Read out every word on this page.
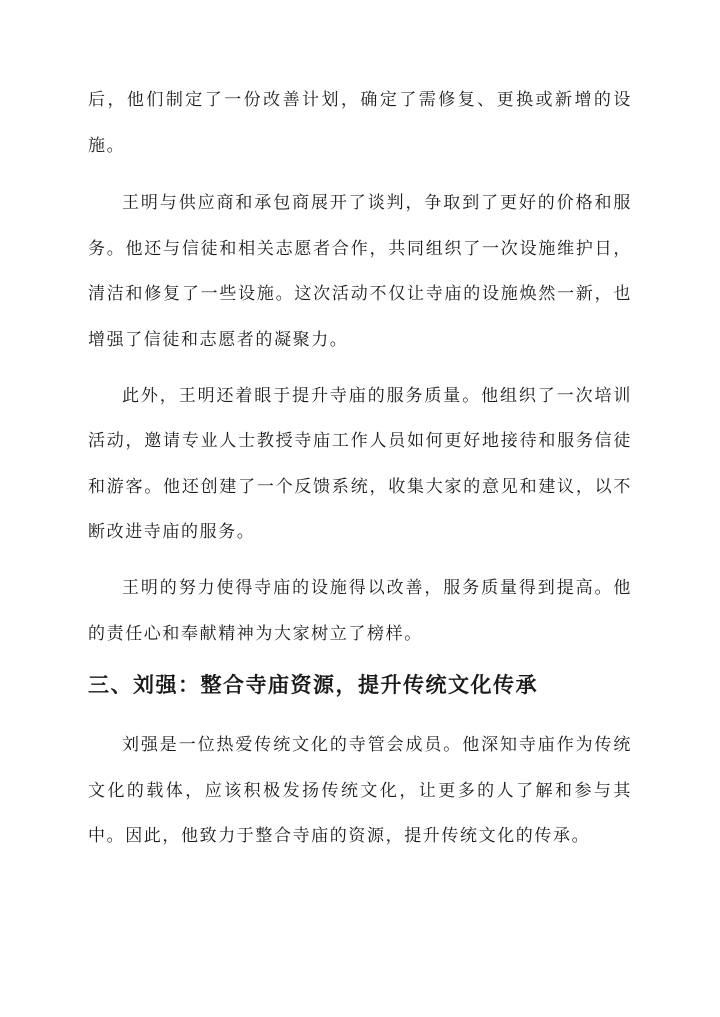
后，他们制定了一份改善计划，确定了需修复、更换或新增的设施。

王明与供应商和承包商展开了谈判，争取到了更好的价格和服务。他还与信徒和相关志愿者合作，共同组织了一次设施维护日，清洁和修复了一些设施。这次活动不仅让寺庙的设施焕然一新，也增强了信徒和志愿者的凝聚力。

此外，王明还着眼于提升寺庙的服务质量。他组织了一次培训活动，邀请专业人士教授寺庙工作人员如何更好地接待和服务信徒和游客。他还创建了一个反馈系统，收集大家的意见和建议，以不断改进寺庙的服务。

王明的努力使得寺庙的设施得以改善，服务质量得到提高。他的责任心和奉献精神为大家树立了榜样。

三、刘强：整合寺庙资源，提升传统文化传承

刘强是一位热爱传统文化的寺管会成员。他深知寺庙作为传统文化的载体，应该积极发扬传统文化，让更多的人了解和参与其中。因此，他致力于整合寺庙的资源，提升传统文化的传承。
